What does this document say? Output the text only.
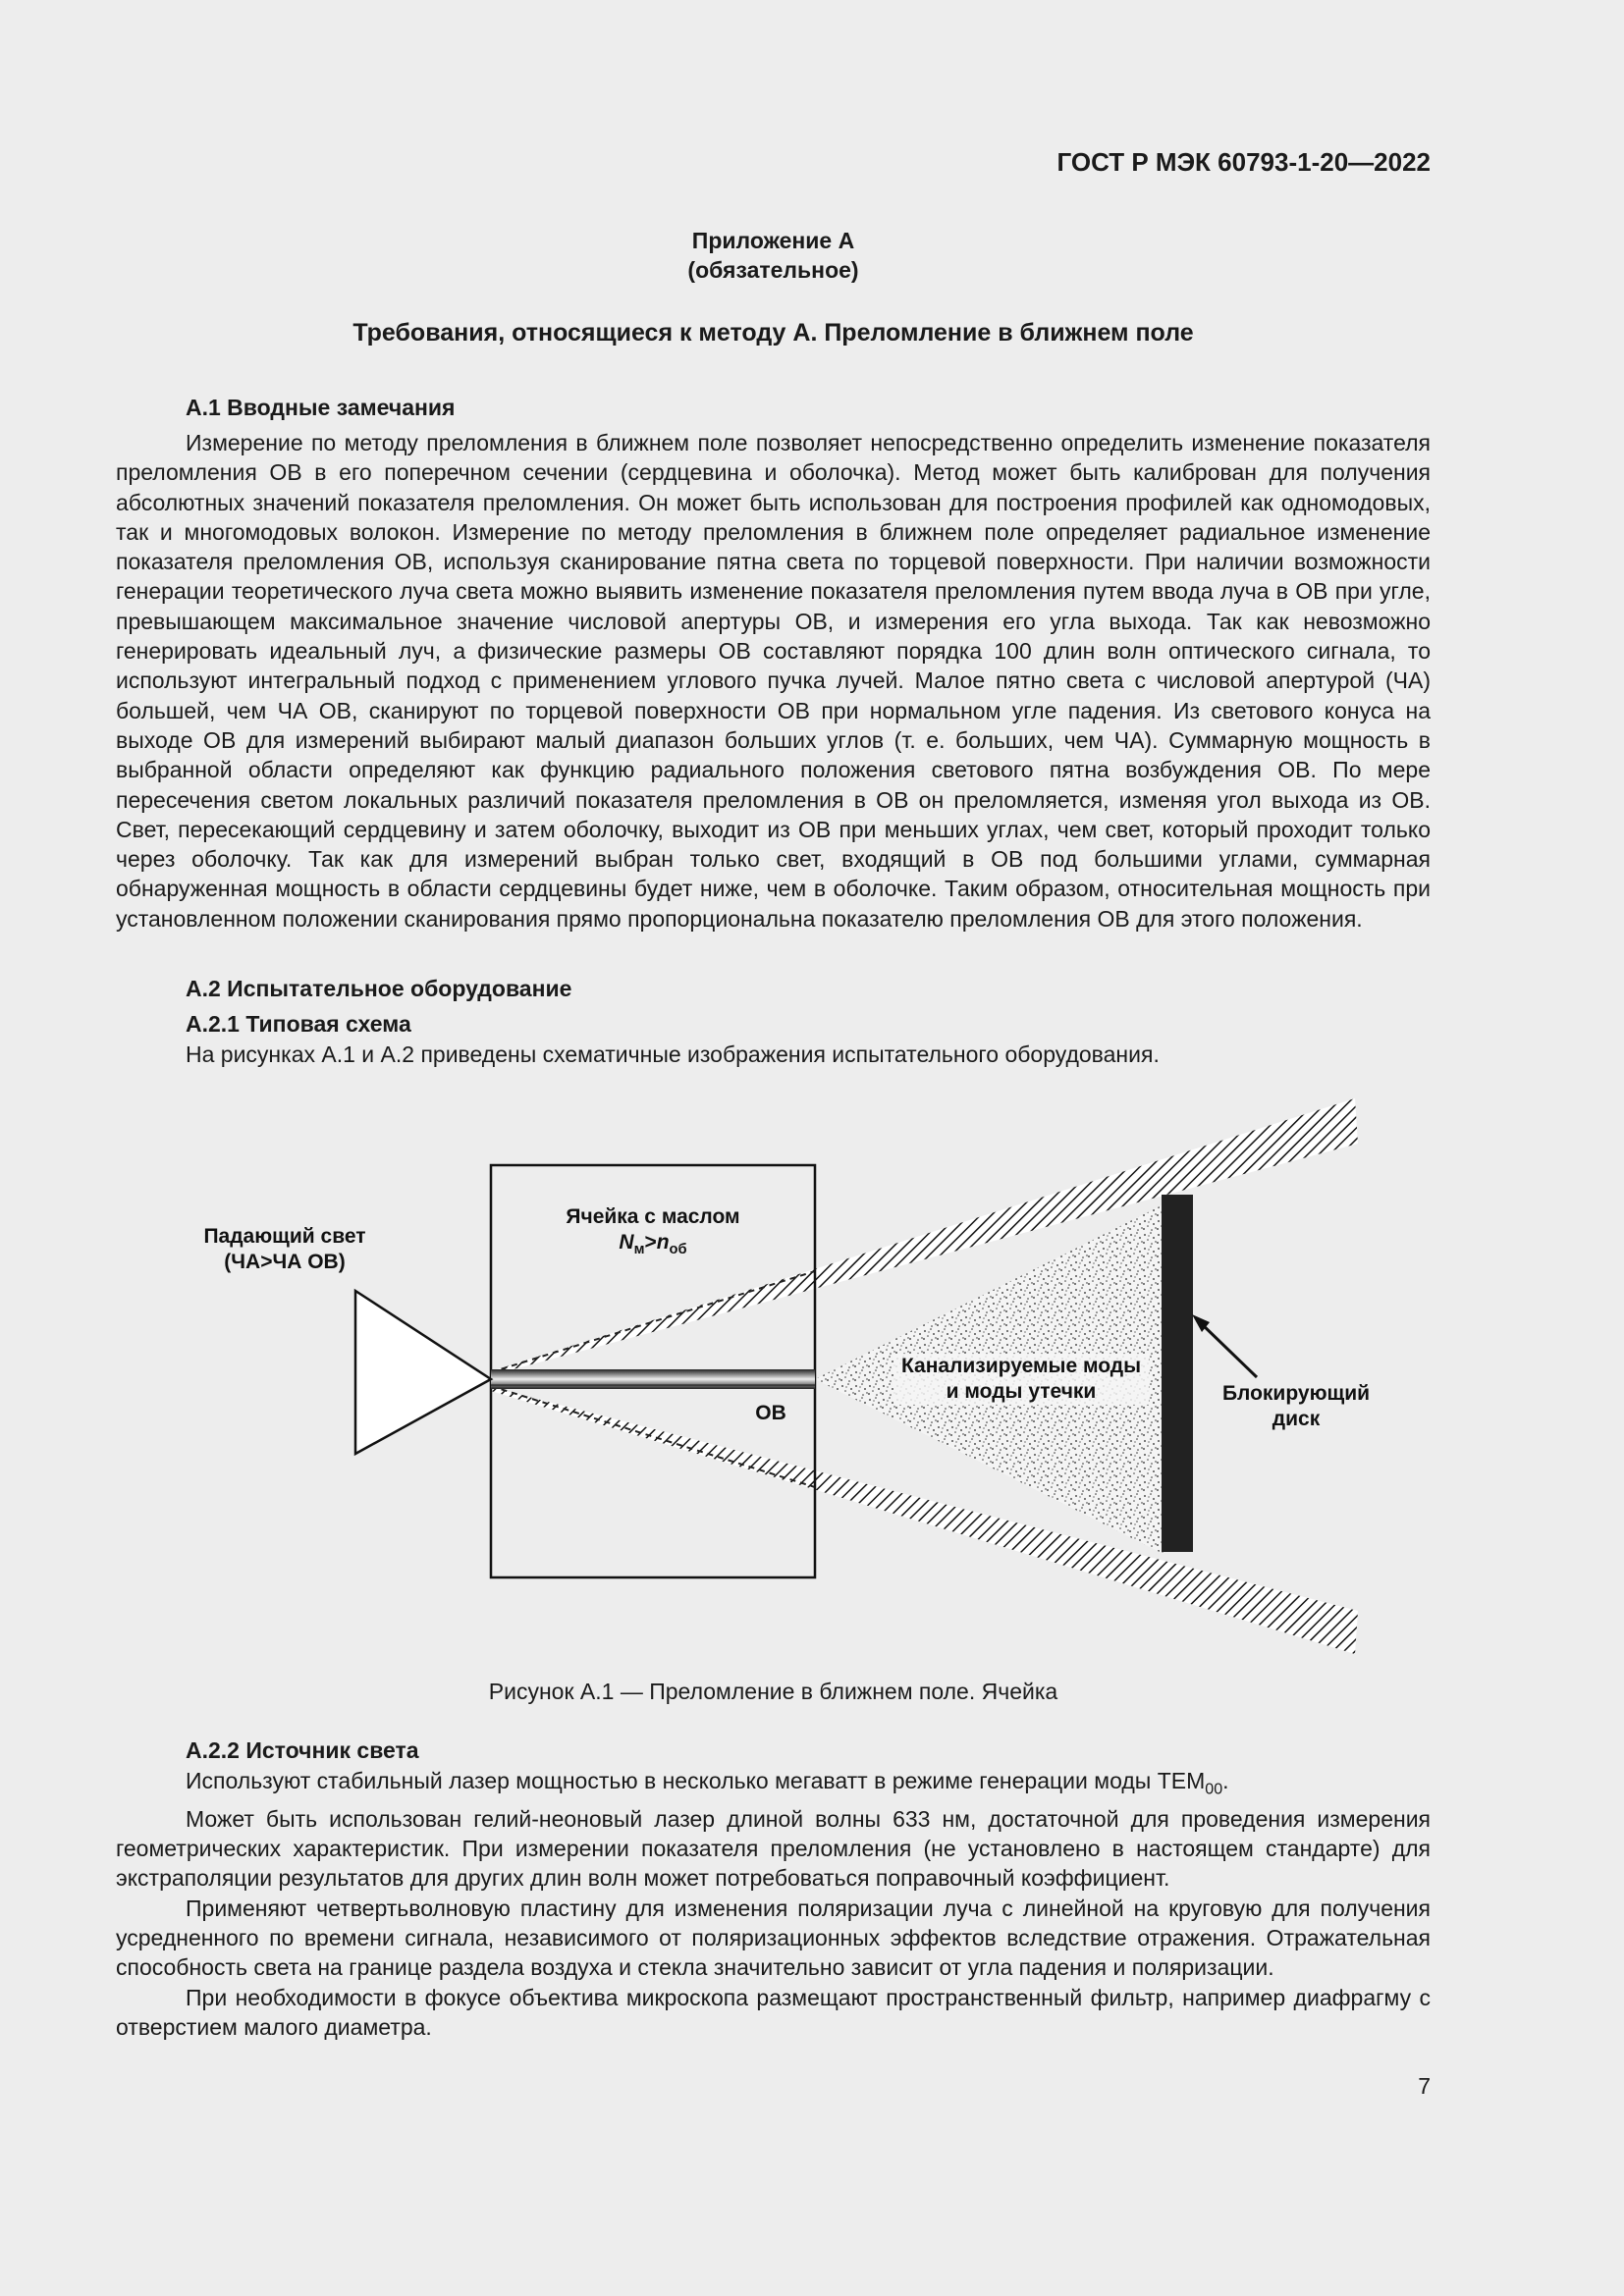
ГОСТ Р МЭК 60793-1-20—2022
Приложение А
(обязательное)
Требования, относящиеся к методу А. Преломление в ближнем поле
А.1 Вводные замечания

Измерение по методу преломления в ближнем поле позволяет непосредственно определить изменение показателя преломления ОВ в его поперечном сечении (сердцевина и оболочка). Метод может быть калиброван для получения абсолютных значений показателя преломления. Он может быть использован для построения профилей как одномодовых, так и многомодовых волокон. Измерение по методу преломления в ближнем поле определяет радиальное изменение показателя преломления ОВ, используя сканирование пятна света по торцевой поверхности. При наличии возможности генерации теоретического луча света можно выявить изменение показателя преломления путем ввода луча в ОВ при угле, превышающем максимальное значение числовой апертуры ОВ, и измерения его угла выхода. Так как невозможно генерировать идеальный луч, а физические размеры ОВ составляют порядка 100 длин волн оптического сигнала, то используют интегральный подход с применением углового пучка лучей. Малое пятно света с числовой апертурой (ЧА) большей, чем ЧА ОВ, сканируют по торцевой поверхности ОВ при нормальном угле падения. Из светового конуса на выходе ОВ для измерений выбирают малый диапазон больших углов (т. е. больших, чем ЧА). Суммарную мощность в выбранной области определяют как функцию радиального положения светового пятна возбуждения ОВ. По мере пересечения светом локальных различий показателя преломления в ОВ он преломляется, изменяя угол выхода из ОВ. Свет, пересекающий сердцевину и затем оболочку, выходит из ОВ при меньших углах, чем свет, который проходит только через оболочку. Так как для измерений выбран только свет, входящий в ОВ под большими углами, суммарная обнаруженная мощность в области сердцевины будет ниже, чем в оболочке. Таким образом, относительная мощность при установленном положении сканирования прямо пропорциональна показателю преломления ОВ для этого положения.

А.2 Испытательное оборудование
А.2.1 Типовая схема
На рисунках А.1 и А.2 приведены схематичные изображения испытательного оборудования.
Падающий свет
(ЧА>ЧА ОВ)
Ячейка с маслом
$N_м>n_{об}$
ОВ
Канализируемые моды
и моды утечки	Блокирующий
диск
Рисунок А.1 — Преломление в ближнем поле. Ячейка
А.2.2 Источник света

Используют стабильный лазер мощностью в несколько мегаватт в режиме генерации моды $TEM_{00}$.

Может быть использован гелий-неоновый лазер длиной волны 633 нм, достаточной для проведения измерения геометрических характеристик. При измерении показателя преломления (не установлено в настоящем стандарте) для экстраполяции результатов для других длин волн может потребоваться поправочный коэффициент.

Применяют четвертьволновую пластину для изменения поляризации луча с линейной на круговую для получения усредненного по времени сигнала, независимого от поляризационных эффектов вследствие отражения. Отражательная способность света на границе раздела воздуха и стекла значительно зависит от угла падения и поляризации.

При необходимости в фокусе объектива микроскопа размещают пространственный фильтр, например диафрагму с отверстием малого диаметра.

7
